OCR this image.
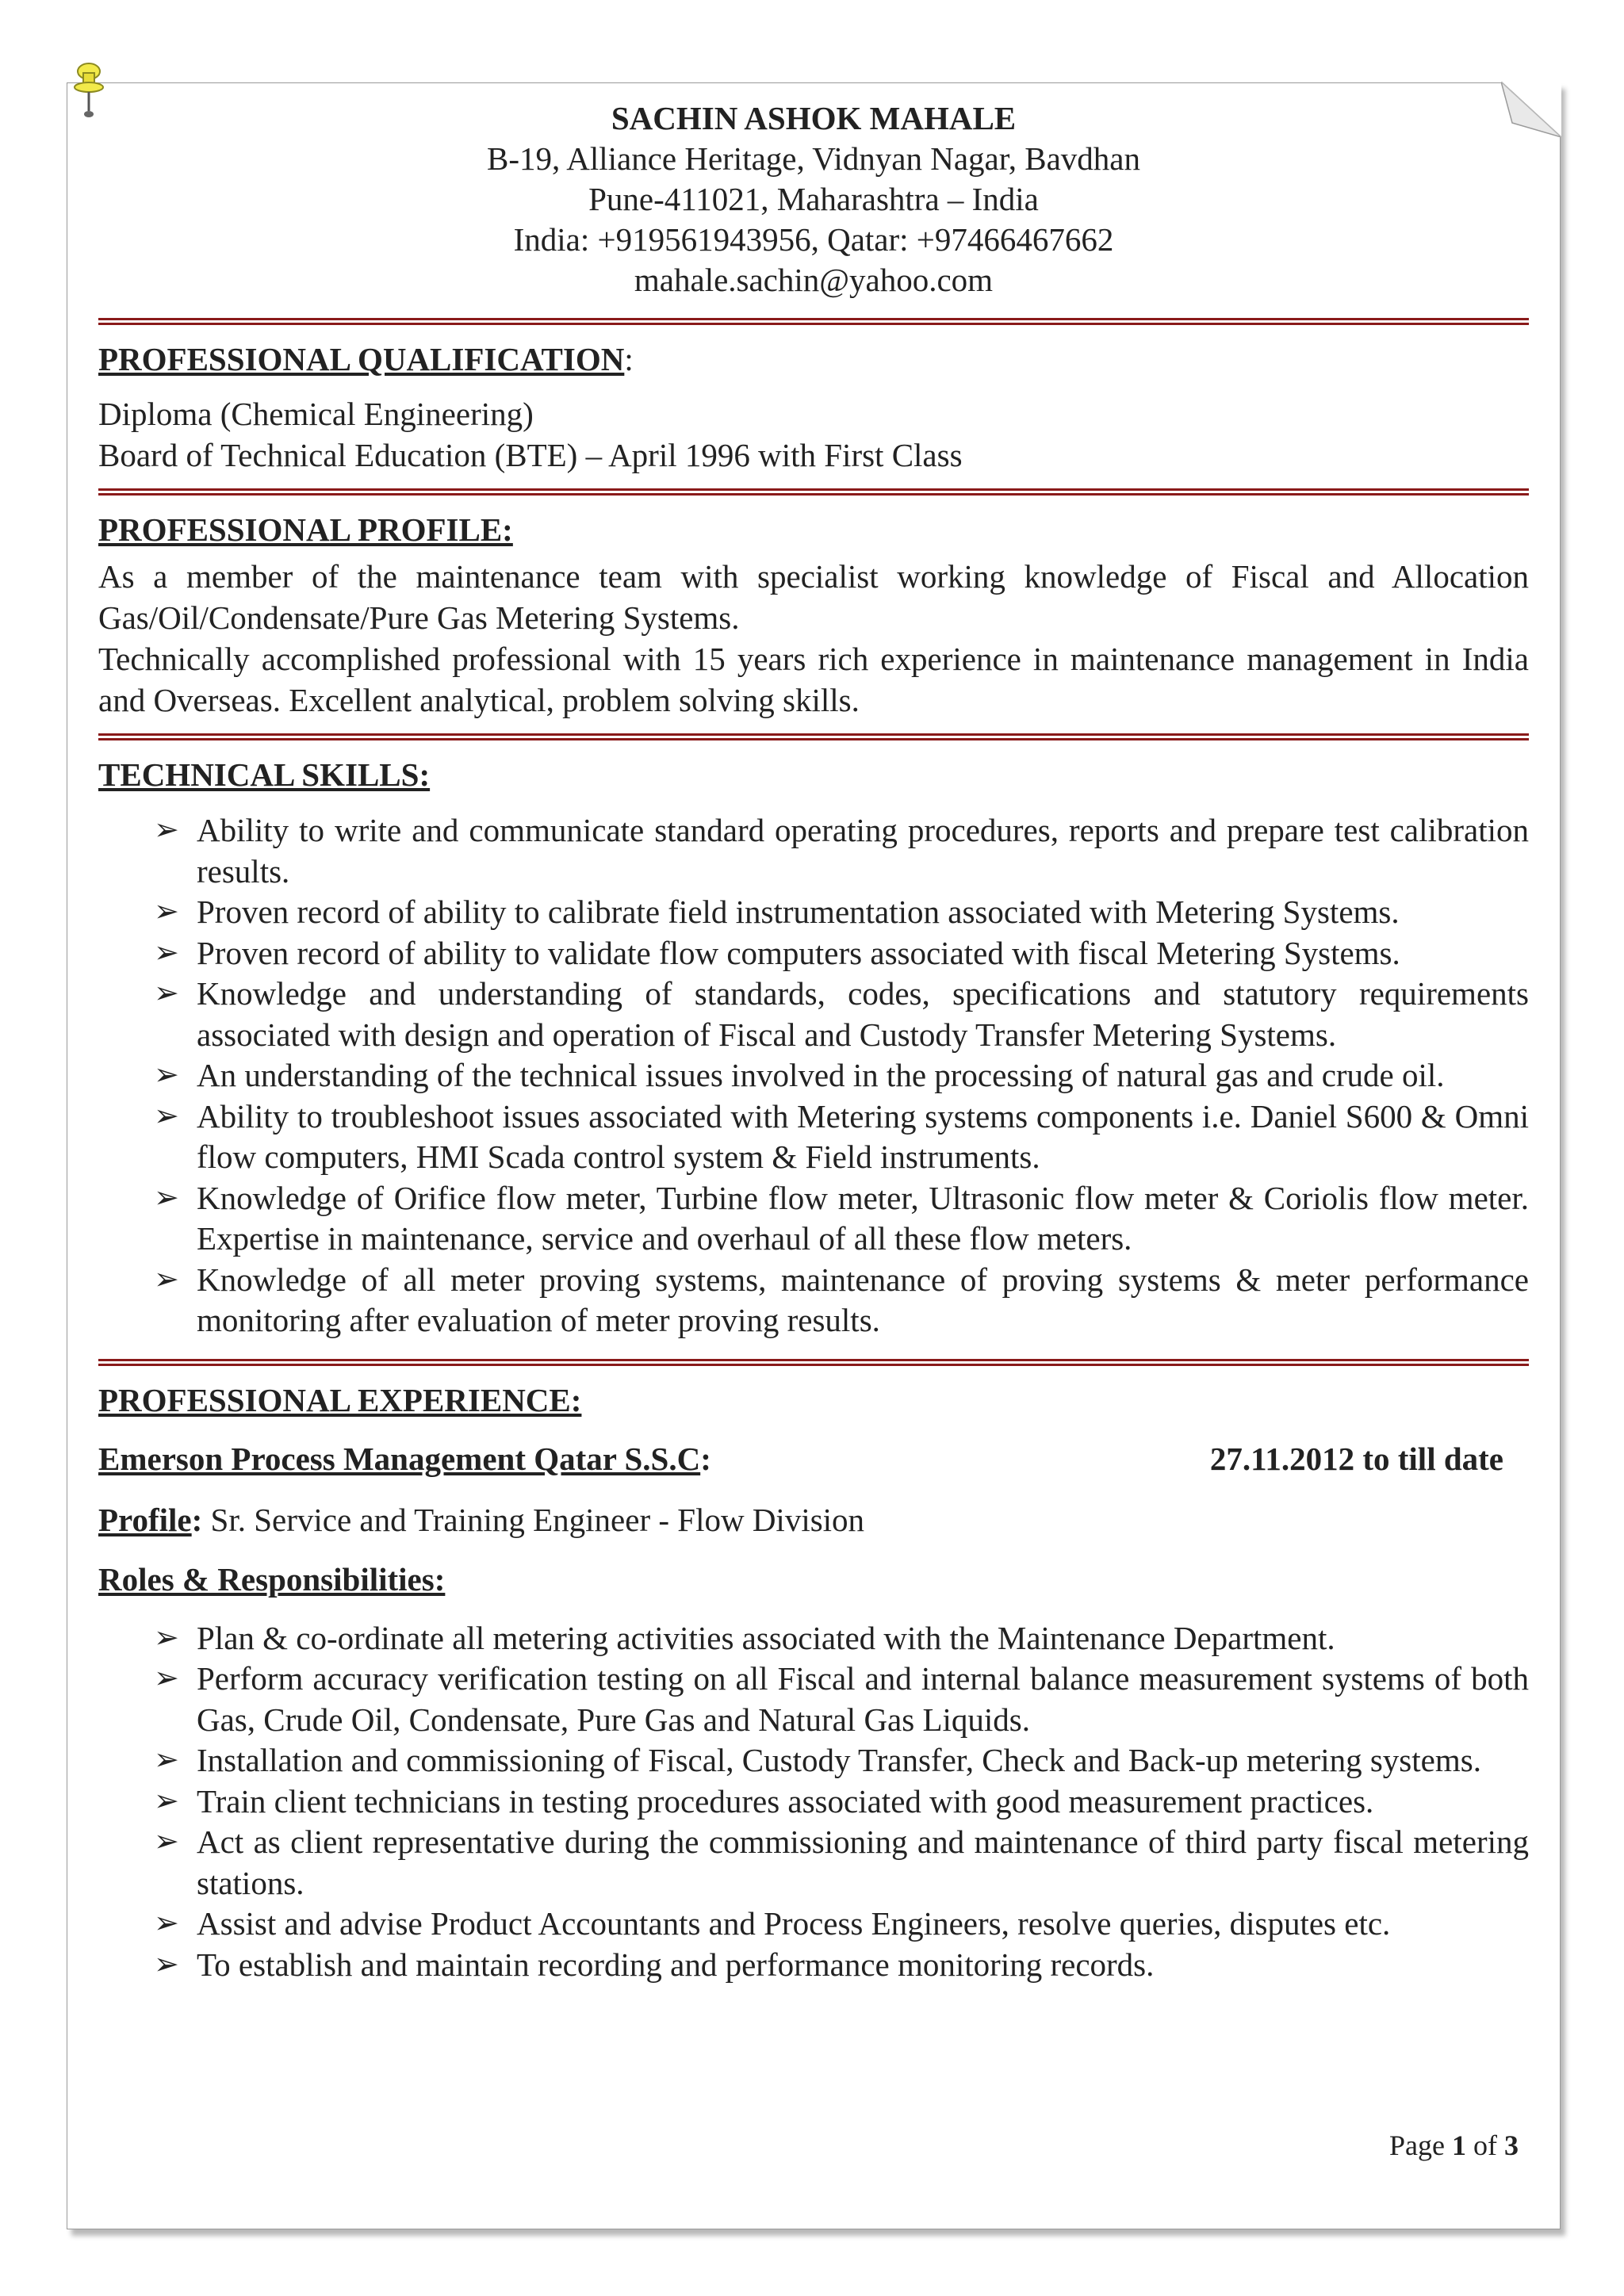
Page 1 of 3
SACHIN ASHOK MAHALE
B-19, Alliance Heritage, Vidnyan Nagar, Bavdhan
Pune-411021, Maharashtra – India
India: +919561943956, Qatar: +97466467662
mahale.sachin@yahoo.com
PROFESSIONAL QUALIFICATION:
Diploma (Chemical Engineering)
Board of Technical Education (BTE) – April 1996 with First Class
PROFESSIONAL PROFILE:
As a member of the maintenance team with specialist working knowledge of Fiscal and Allocation Gas/Oil/Condensate/Pure Gas Metering Systems.
Technically accomplished professional with 15 years rich experience in maintenance management in India and Overseas. Excellent analytical, problem solving skills.
TECHNICAL SKILLS:
➢ Ability to write and communicate standard operating procedures, reports and prepare test calibration results.
➢ Proven record of ability to calibrate field instrumentation associated with Metering Systems.
➢ Proven record of ability to validate flow computers associated with fiscal Metering Systems.
➢ Knowledge and understanding of standards, codes, specifications and statutory requirements associated with design and operation of Fiscal and Custody Transfer Metering Systems.
➢ An understanding of the technical issues involved in the processing of natural gas and crude oil.
➢ Ability to troubleshoot issues associated with Metering systems components i.e. Daniel S600 & Omni flow computers, HMI Scada control system & Field instruments.
➢ Knowledge of Orifice flow meter, Turbine flow meter, Ultrasonic flow meter & Coriolis flow meter. Expertise in maintenance, service and overhaul of all these flow meters.
➢ Knowledge of all meter proving systems, maintenance of proving systems & meter performance monitoring after evaluation of meter proving results.
PROFESSIONAL EXPERIENCE:
Emerson Process Management Qatar S.S.C:	27.11.2012 to till date
Profile: Sr. Service and Training Engineer - Flow Division
Roles & Responsibilities:
➢ Plan & co-ordinate all metering activities associated with the Maintenance Department.
➢ Perform accuracy verification testing on all Fiscal and internal balance measurement systems of both Gas, Crude Oil, Condensate, Pure Gas and Natural Gas Liquids.
➢ Installation and commissioning of Fiscal, Custody Transfer, Check and Back-up metering systems.
➢ Train client technicians in testing procedures associated with good measurement practices.
➢ Act as client representative during the commissioning and maintenance of third party fiscal metering stations.
➢ Assist and advise Product Accountants and Process Engineers, resolve queries, disputes etc.
➢ To establish and maintain recording and performance monitoring records.
